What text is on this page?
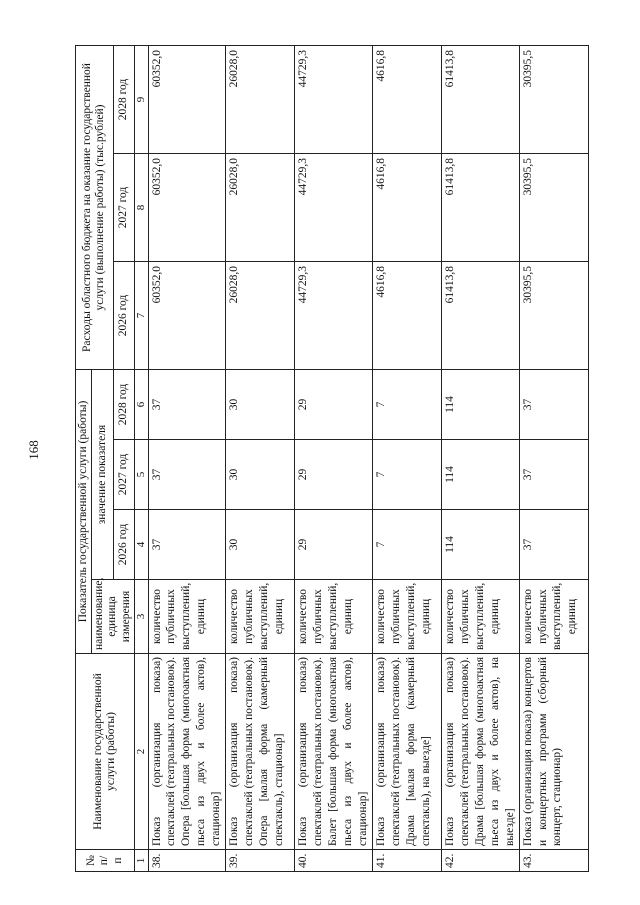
168
№ п/п	Наименование государственной услуги (работы)	Показатель государственной услуги (работы)				Расходы областного бюджета на оказание государственной услуги (выполнение работы) (тыс.рублей)		
		наименование, единица измерения	значение показателя					
			2026 год	2027 год	2028 год	2026 год	2027 год	2028 год
1	2	3	4	5	6	7	8	9
38.	Показ (организация показа) спектаклей (театральных постановок). Опера [большая форма (многоактная пьеса из двух и более актов), стационар]	количество публичных выступлений, единиц	37	37	37	60352,0	60352,0	60352,0
39.	Показ (организация показа) спектаклей (театральных постановок). Опера [малая форма (камерный спектакль), стационар]	количество публичных выступлений, единиц	30	30	30	26028,0	26028,0	26028,0
40.	Показ (организация показа) спектаклей (театральных постановок). Балет [большая форма (многоактная пьеса из двух и более актов), стационар]	количество публичных выступлений, единиц	29	29	29	44729,3	44729,3	44729,3
41.	Показ (организация показа) спектаклей (театральных постановок). Драма [малая форма (камерный спектакль), на выезде]	количество публичных выступлений, единиц	7	7	7	4616,8	4616,8	4616,8
42.	Показ (организация показа) спектаклей (театральных постановок). Драма [большая форма (многоактная пьеса из двух и более актов), на выезде]	количество публичных выступлений, единиц	114	114	114	61413,8	61413,8	61413,8
43.	Показ (организация показа) концертов и концертных программ (сборный концерт, стационар)	количество публичных выступлений, единиц	37	37	37	30395,5	30395,5	30395,5
